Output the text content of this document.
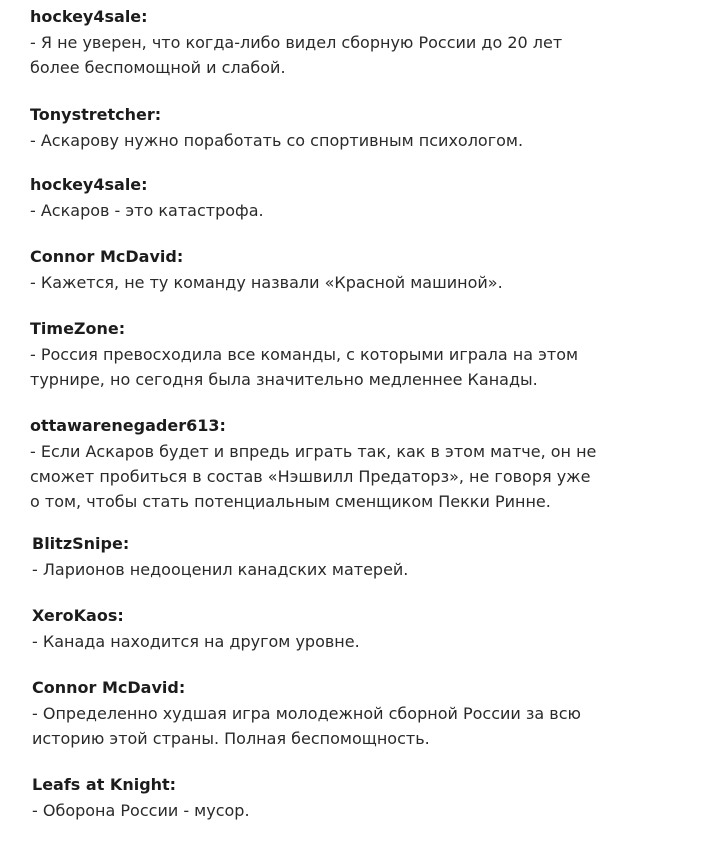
hockey4sale:
- Я не уверен, что когда-либо видел сборную России до 20 лет
более беспомощной и слабой.
Tonystretcher:
- Аскарову нужно поработать со спортивным психологом.
hockey4sale:
- Аскаров - это катастрофа.
Connor McDavid:
- Кажется, не ту команду назвали «Красной машиной».
TimeZone:
- Россия превосходила все команды, с которыми играла на этом
турнире, но сегодня была значительно медленнее Канады.
ottawarenegader613:
- Если Аскаров будет и впредь играть так, как в этом матче, он не
сможет пробиться в состав «Нэшвилл Предаторз», не говоря уже
о том, чтобы стать потенциальным сменщиком Пекки Ринне.
BlitzSnipe:
- Ларионов недооценил канадских матерей.
XeroKaos:
- Канада находится на другом уровне.
Connor McDavid:
- Определенно худшая игра молодежной сборной России за всю
историю этой страны. Полная беспомощность.
Leafs at Knight:
- Оборона России - мусор.
